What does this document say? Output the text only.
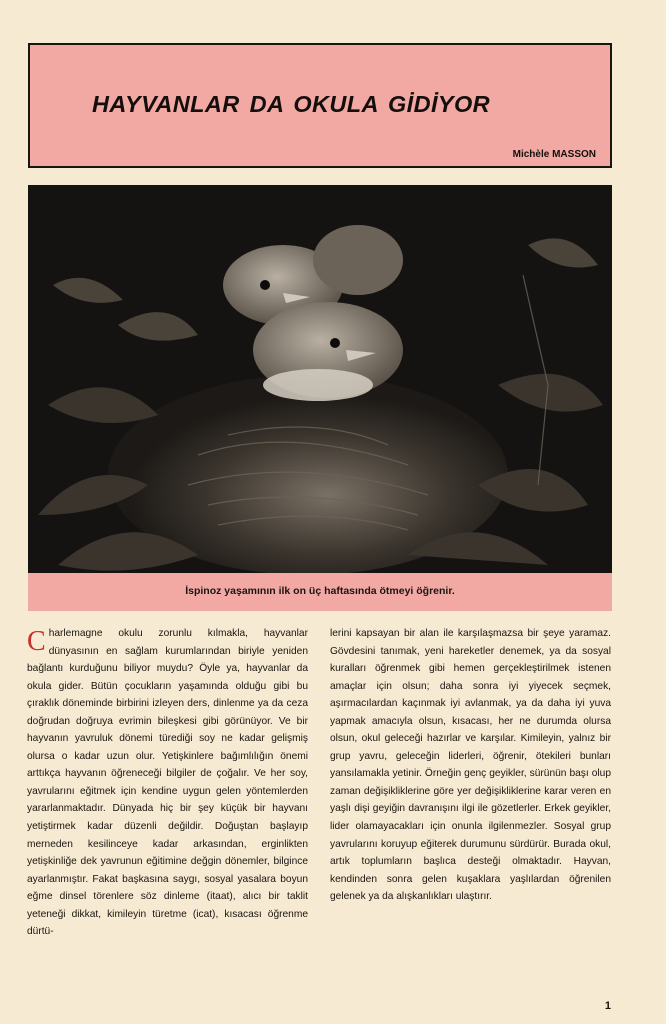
HAYVANLAR DA OKULA GİDİYOR
Michèle MASSON
İspinoz yaşamının ilk on üç haftasında ötmeyi öğrenir.

Charlemagne okulu zorunlu kılmakla, hayvanlar dünyasının en sağlam kurumlarından biriyle yeniden bağlantı kurduğunu biliyor muydu? Öyle ya, hayvanlar da okula gider. Bütün çocukların yaşamında olduğu gibi bu çıraklık döneminde birbirini izleyen ders, dinlenme ya da ceza doğrudan doğruya evrimin bileşkesi gibi görünüyor. Ve bir hayvanın yavruluk dönemi türediği soy ne kadar gelişmiş olursa o kadar uzun olur. Yetişkinlere bağımlılığın önemi arttıkça hayvanın öğreneceği bilgiler de çoğalır. Ve her soy, yavrularını eğitmek için kendine uygun gelen yöntemlerden yararlanmaktadır. Dünyada hiç bir şey küçük bir hayvanı yetiştirmek kadar düzenli değildir. Doğuştan başlayıp merneden kesilinceye kadar arkasından, erginlikten yetişkinliğe dek yavrunun eğitimine değgin dönemler, bilgince ayarlanmıştır. Fakat başkasına saygı, sosyal yasalara boyun eğme dinsel törenlere söz dinleme (itaat), alıcı bir taklit yeteneği dikkat, kimileyin türetme (icat), kısacası öğrenme dürtü-

lerini kapsayan bir alan ile karşılaşmazsa bir şeye yaramaz. Gövdesini tanımak, yeni hareketler denemek, ya da sosyal kuralları öğrenmek gibi hemen gerçekleştirilmek istenen amaçlar için olsun; daha sonra iyi yiyecek seçmek, aşırmacılardan kaçınmak iyi avlanmak, ya da daha iyi yuva yapmak amacıyla olsun, kısacası, her ne durumda olursa olsun, okul geleceği hazırlar ve karşılar. Kimileyin, yalnız bir grup yavru, geleceğin liderleri, öğrenir, ötekileri bunları yansılamakla yetinir. Örneğin genç geyikler, sürünün başı olup zaman değişikliklerine göre yer değişikliklerine karar veren en yaşlı dişi geyiğin davranışını ilgi ile gözetlerler. Erkek geyikler, lider olamayacakları için onunla ilgilenmezler. Sosyal grup yavrularını koruyup eğiterek durumunu sürdürür. Burada okul, artık toplumların başlıca desteği olmaktadır. Hayvan, kendinden sonra gelen kuşaklara yaşlılardan öğrenilen gelenek ya da alışkanlıkları ulaştırır.

1
